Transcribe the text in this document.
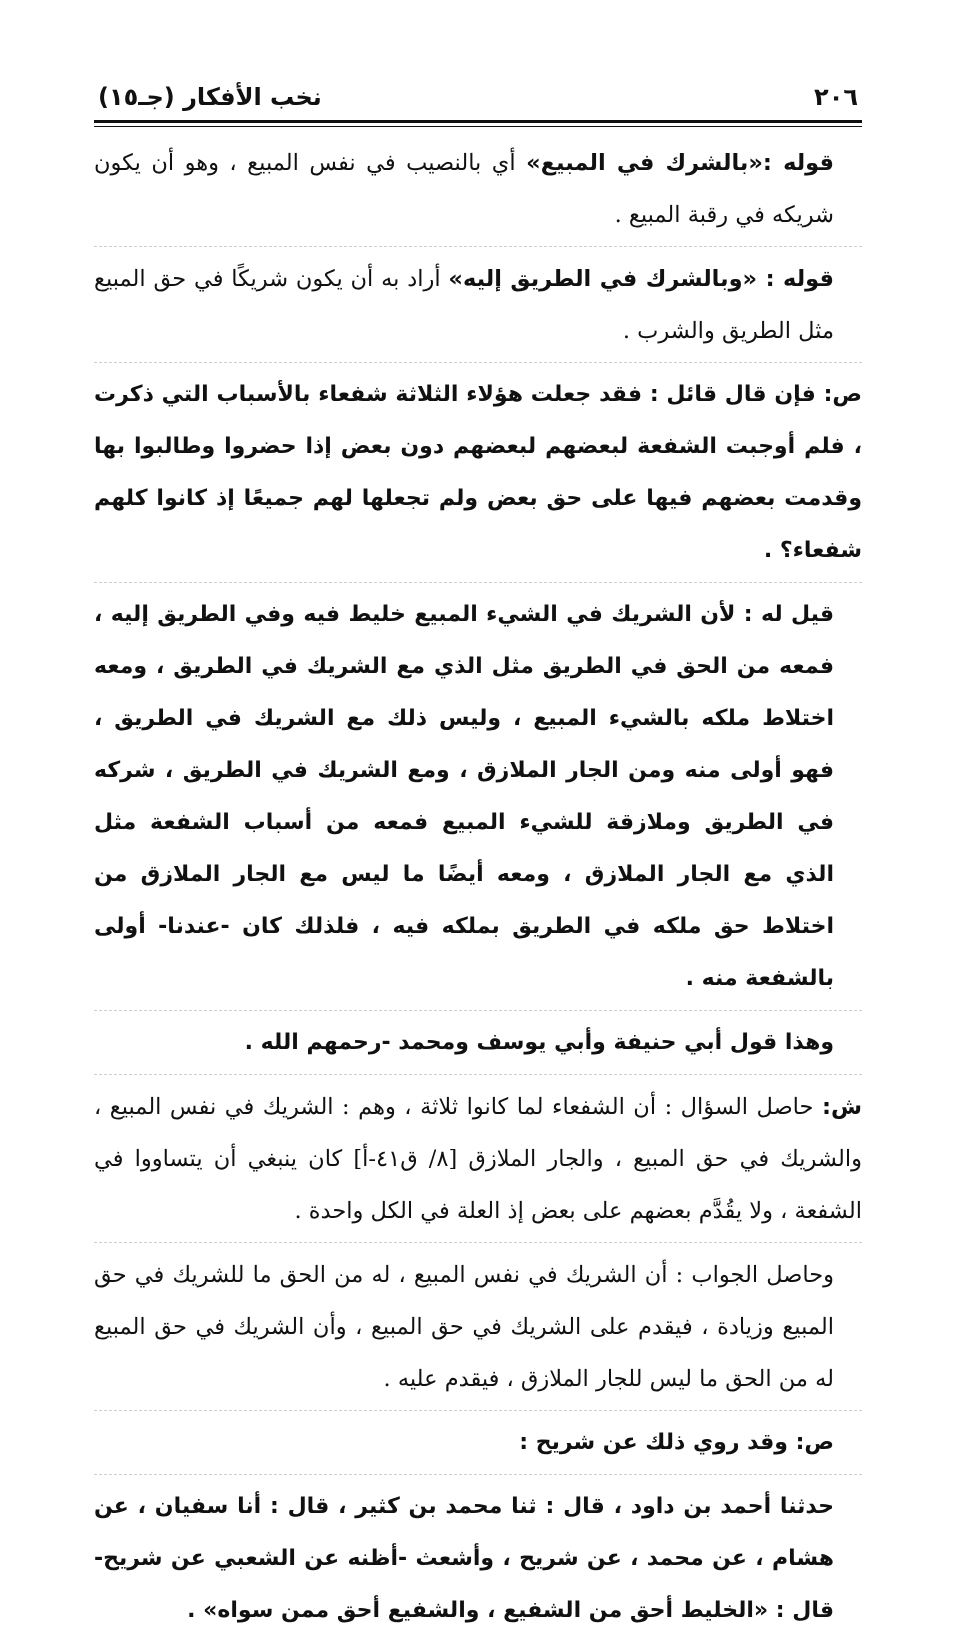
٢٠٦
نخب الأفكار (جـ١٥)

قوله :«بالشرك في المبيع» أي بالنصيب في نفس المبيع ، وهو أن يكون شريكه في رقبة المبيع .

قوله : «وبالشرك في الطريق إليه» أراد به أن يكون شريكًا في حق المبيع مثل الطريق والشرب .

ص: فإن قال قائل : فقد جعلت هؤلاء الثلاثة شفعاء بالأسباب التي ذكرت ، فلم أوجبت الشفعة لبعضهم لبعضهم دون بعض إذا حضروا وطالبوا بها وقدمت بعضهم فيها على حق بعض ولم تجعلها لهم جميعًا إذ كانوا كلهم شفعاء؟ .

قيل له : لأن الشريك في الشيء المبيع خليط فيه وفي الطريق إليه ، فمعه من الحق في الطريق مثل الذي مع الشريك في الطريق ، ومعه اختلاط ملكه بالشيء المبيع ، وليس ذلك مع الشريك في الطريق ، فهو أولى منه ومن الجار الملازق ، ومع الشريك في الطريق ، شركه في الطريق وملازقة للشيء المبيع فمعه من أسباب الشفعة مثل الذي مع الجار الملازق ، ومعه أيضًا ما ليس مع الجار الملازق من اختلاط حق ملكه في الطريق بملكه فيه ، فلذلك كان -عندنا- أولى بالشفعة منه .

وهذا قول أبي حنيفة وأبي يوسف ومحمد -رحمهم الله .

ش: حاصل السؤال : أن الشفعاء لما كانوا ثلاثة ، وهم : الشريك في نفس المبيع ، والشريك في حق المبيع ، والجار الملازق [٨/ ق٤١-أ] كان ينبغي أن يتساووا في الشفعة ، ولا يقُدَّم بعضهم على بعض إذ العلة في الكل واحدة .

وحاصل الجواب : أن الشريك في نفس المبيع ، له من الحق ما للشريك في حق المبيع وزيادة ، فيقدم على الشريك في حق المبيع ، وأن الشريك في حق المبيع له من الحق ما ليس للجار الملازق ، فيقدم عليه .

ص: وقد روي ذلك عن شريح :

حدثنا أحمد بن داود ، قال : ثنا محمد بن كثير ، قال : أنا سفيان ، عن هشام ، عن محمد ، عن شريح ، وأشعث -أظنه عن الشعبي عن شريح- قال : «الخليط أحق من الشفيع ، والشفيع أحق ممن سواه» .
